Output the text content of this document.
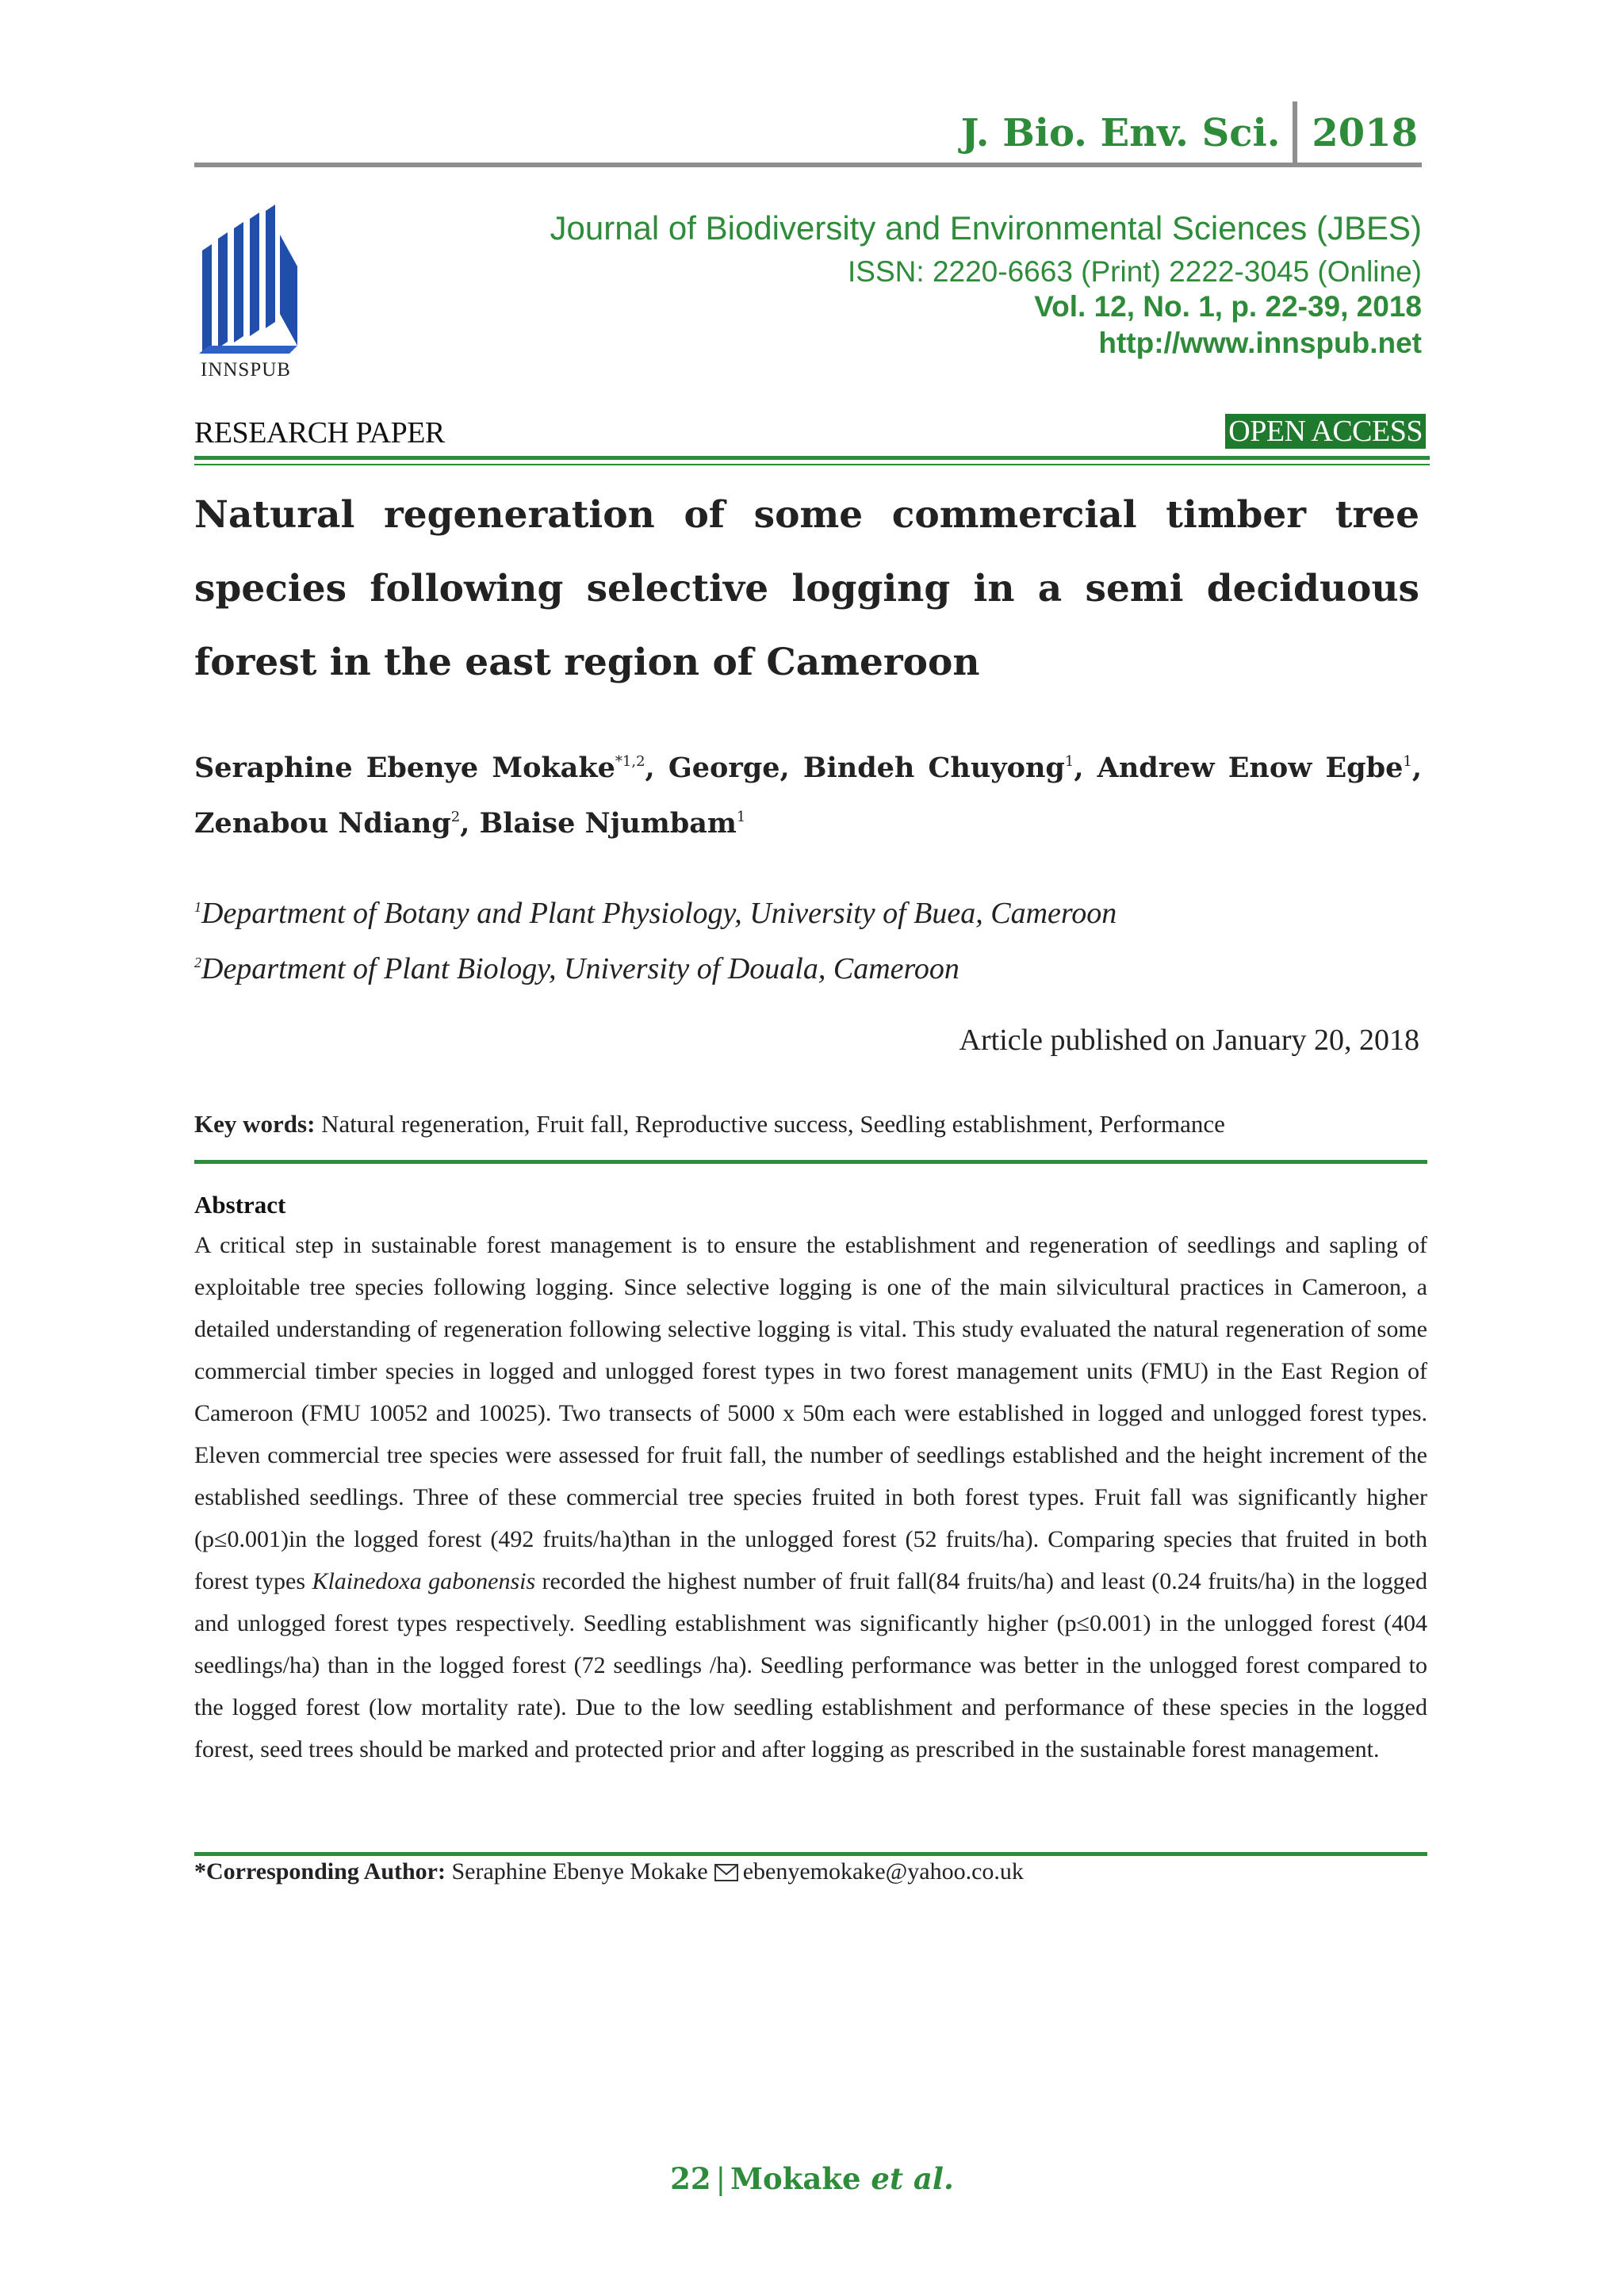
J. Bio. Env. Sci. 2018
INNSPUB
Journal of Biodiversity and Environmental Sciences (JBES)
ISSN: 2220-6663 (Print) 2222-3045 (Online)
Vol. 12, No. 1, p. 22-39, 2018
http://www.innspub.net
RESEARCH PAPER	OPEN ACCESS
Natural regeneration of some commercial timber tree species following selective logging in a semi deciduous forest in the east region of Cameroon
Seraphine Ebenye Mokake$^{*1,2}$, George, Bindeh Chuyong$^1$, Andrew Enow Egbe$^1$, Zenabou Ndiang$^2$, Blaise Njumbam$^1$
$^1$Department of Botany and Plant Physiology, University of Buea, Cameroon
$^2$Department of Plant Biology, University of Douala, Cameroon
Article published on January 20, 2018
Key words: Natural regeneration, Fruit fall, Reproductive success, Seedling establishment, Performance
Abstract
A critical step in sustainable forest management is to ensure the establishment and regeneration of seedlings and sapling of exploitable tree species following logging. Since selective logging is one of the main silvicultural practices in Cameroon, a detailed understanding of regeneration following selective logging is vital. This study evaluated the natural regeneration of some commercial timber species in logged and unlogged forest types in two forest management units (FMU) in the East Region of Cameroon (FMU 10052 and 10025). Two transects of 5000 x 50m each were established in logged and unlogged forest types. Eleven commercial tree species were assessed for fruit fall, the number of seedlings established and the height increment of the established seedlings. Three of these commercial tree species fruited in both forest types. Fruit fall was significantly higher (p≤0.001)in the logged forest (492 fruits/ha)than in the unlogged forest (52 fruits/ha). Comparing species that fruited in both forest types Klainedoxa gabonensis recorded the highest number of fruit fall(84 fruits/ha) and least (0.24 fruits/ha) in the logged and unlogged forest types respectively. Seedling establishment was significantly higher (p≤0.001) in the unlogged forest (404 seedlings/ha) than in the logged forest (72 seedlings /ha). Seedling performance was better in the unlogged forest compared to the logged forest (low mortality rate). Due to the low seedling establishment and performance of these species in the logged forest, seed trees should be marked and protected prior and after logging as prescribed in the sustainable forest management.
*Corresponding Author: Seraphine Ebenye Mokake ebenyemokake@yahoo.co.uk
22 | Mokake et al.
